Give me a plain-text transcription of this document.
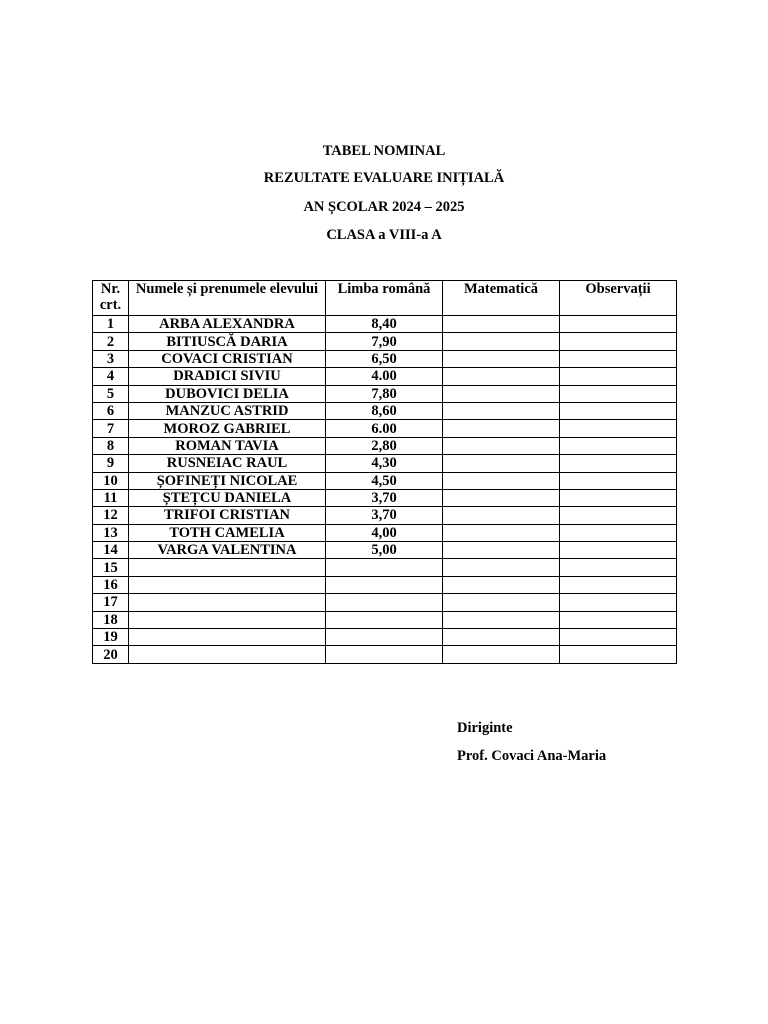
TABEL NOMINAL
REZULTATE EVALUARE INIȚIALĂ
AN ȘCOLAR 2024 – 2025
CLASA a VIII-a A
Nr. crt.	Numele și prenumele elevului	Limba română	Matematică	Observații
1	ARBA ALEXANDRA	8,40		
2	BITIUSCĂ DARIA	7,90		
3	COVACI CRISTIAN	6,50		
4	DRADICI SIVIU	4.00		
5	DUBOVICI DELIA	7,80		
6	MANZUC ASTRID	8,60		
7	MOROZ GABRIEL	6.00		
8	ROMAN TAVIA	2,80		
9	RUSNEIAC RAUL	4,30		
10	ȘOFINEȚI NICOLAE	4,50		
11	ȘTEȚCU DANIELA	3,70		
12	TRIFOI CRISTIAN	3,70		
13	TOTH CAMELIA	4,00		
14	VARGA VALENTINA	5,00		
15				
16				
17				
18				
19				
20				
Diriginte
Prof. Covaci Ana-Maria
